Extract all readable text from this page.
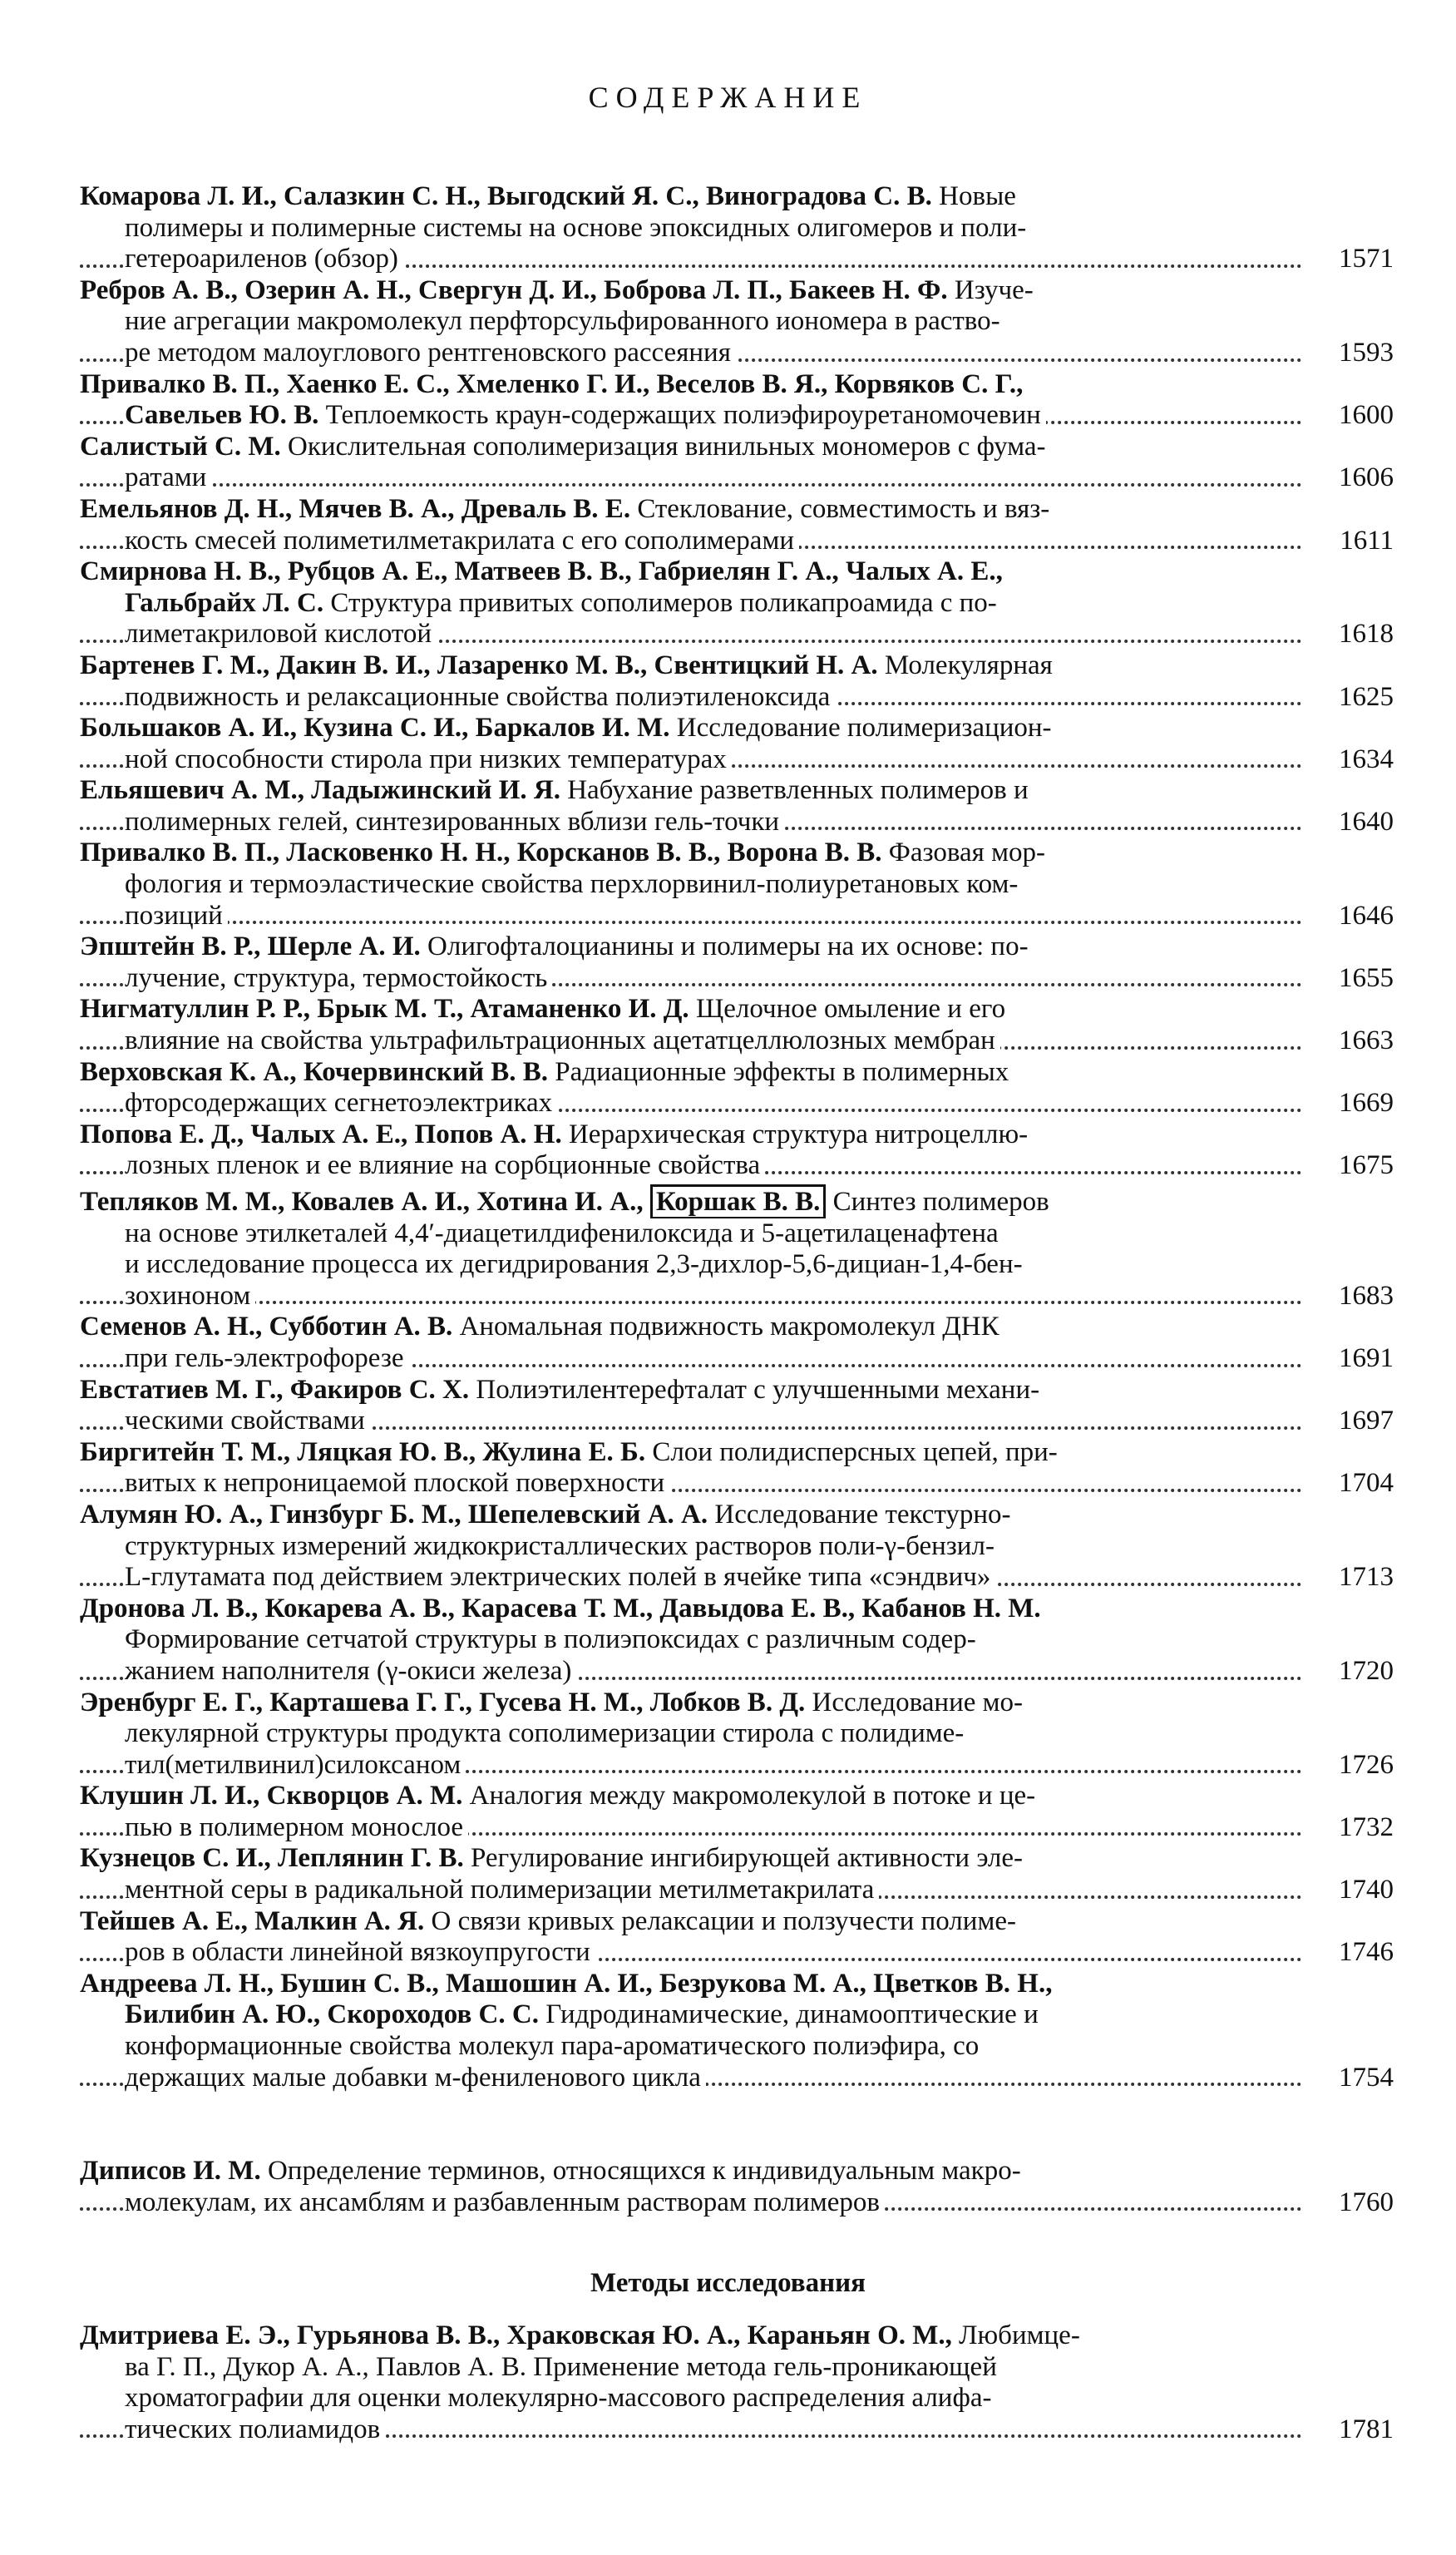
СОДЕРЖАНИЕ
Комарова Л. И., Салазкин С. Н., Выгодский Я. С., Виноградова С. В. Новые
полимеры и полимерные системы на основе эпоксидных олигомеров и поли-
гетероариленов (обзор)	1571
Ребров А. В., Озерин А. Н., Свергун Д. И., Боброва Л. П., Бакеев Н. Ф. Изуче-
ние агрегации макромолекул перфторсульфированного иономера в раство-
ре методом малоуглового рентгеновского рассеяния	1593
Привалко В. П., Хаенко Е. С., Хмеленко Г. И., Веселов В. Я., Корвяков С. Г.,
Савельев Ю. В. Теплоемкость краун-содержащих полиэфироуретаномочевин	1600
Салистый С. М. Окислительная сополимеризация винильных мономеров с фума-
ратами	1606
Емельянов Д. Н., Мячев В. А., Древаль В. Е. Стеклование, совместимость и вяз-
кость смесей полиметилметакрилата с его сополимерами	1611
Смирнова Н. В., Рубцов А. Е., Матвеев В. В., Габриелян Г. А., Чалых А. Е.,
Гальбрайх Л. С. Структура привитых сополимеров поликапроамида с по-
лиметакриловой кислотой	1618
Бартенев Г. М., Дакин В. И., Лазаренко М. В., Свентицкий Н. А. Молекулярная
подвижность и релаксационные свойства полиэтиленоксида	1625
Большаков А. И., Кузина С. И., Баркалов И. М. Исследование полимеризацион-
ной способности стирола при низких температурах	1634
Ельяшевич А. М., Ладыжинский И. Я. Набухание разветвленных полимеров и
полимерных гелей, синтезированных вблизи гель-точки	1640
Привалко В. П., Ласковенко Н. Н., Корсканов В. В., Ворона В. В. Фазовая мор-
фология и термоэластические свойства перхлорвинил-полиуретановых ком-
позиций	1646
Эпштейн В. Р., Шерле А. И. Олигофталоцианины и полимеры на их основе: по-
лучение, структура, термостойкость	1655
Нигматуллин Р. Р., Брык М. Т., Атаманенко И. Д. Щелочное омыление и его
влияние на свойства ультрафильтрационных ацетатцеллюлозных мембран	1663
Верховская К. А., Кочервинский В. В. Радиационные эффекты в полимерных
фторсодержащих сегнетоэлектриках	1669
Попова Е. Д., Чалых А. Е., Попов А. Н. Иерархическая структура нитроцеллю-
лозных пленок и ее влияние на сорбционные свойства	1675
Тепляков М. М., Ковалев А. И., Хотина И. А., Коршак В. В. Синтез полимеров
на основе этилкеталей 4,4′-диацетилдифенилоксида и 5-ацетилаценафтена
и исследование процесса их дегидрирования 2,3-дихлор-5,6-дициан-1,4-бен-
зохиноном	1683
Семенов А. Н., Субботин А. В. Аномальная подвижность макромолекул ДНК
при гель-электрофорезе	1691
Евстатиев М. Г., Факиров С. Х. Полиэтилентерефталат с улучшенными механи-
ческими свойствами	1697
Биргитейн Т. М., Ляцкая Ю. В., Жулина Е. Б. Слои полидисперсных цепей, при-
витых к непроницаемой плоской поверхности	1704
Алумян Ю. А., Гинзбург Б. М., Шепелевский А. А. Исследование текстурно-
структурных измерений жидкокристаллических растворов поли-γ-бензил-
L-глутамата под действием электрических полей в ячейке типа «сэндвич»	1713
Дронова Л. В., Кокарева А. В., Карасева Т. М., Давыдова Е. В., Кабанов Н. М.
Формирование сетчатой структуры в полиэпоксидах с различным содер-
жанием наполнителя (γ-окиси железа)	1720
Эренбург Е. Г., Карташева Г. Г., Гусева Н. М., Лобков В. Д. Исследование мо-
лекулярной структуры продукта сополимеризации стирола с полидиме-
тил(метилвинил)силоксаном	1726
Клушин Л. И., Скворцов А. М. Аналогия между макромолекулой в потоке и це-
пью в полимерном монослое	1732
Кузнецов С. И., Леплянин Г. В. Регулирование ингибирующей активности эле-
ментной серы в радикальной полимеризации метилметакрилата	1740
Тейшев А. Е., Малкин А. Я. О связи кривых релаксации и ползучести полиме-
ров в области линейной вязкоупругости	1746
Андреева Л. Н., Бушин С. В., Машошин А. И., Безрукова М. А., Цветков В. Н.,
Билибин А. Ю., Скороходов С. С. Гидродинамические, динамооптические и
конформационные свойства молекул пара-ароматического полиэфира, со
держащих малые добавки м-фениленового цикла	1754
Диписов И. М. Определение терминов, относящихся к индивидуальным макро-
молекулам, их ансамблям и разбавленным растворам полимеров	1760
Методы исследования
Дмитриева Е. Э., Гурьянова В. В., Храковская Ю. А., Караньян О. М., Любимце-
ва Г. П., Дукор А. А., Павлов А. В. Применение метода гель-проникающей
хроматографии для оценки молекулярно-массового распределения алифа-
тических полиамидов	1781
